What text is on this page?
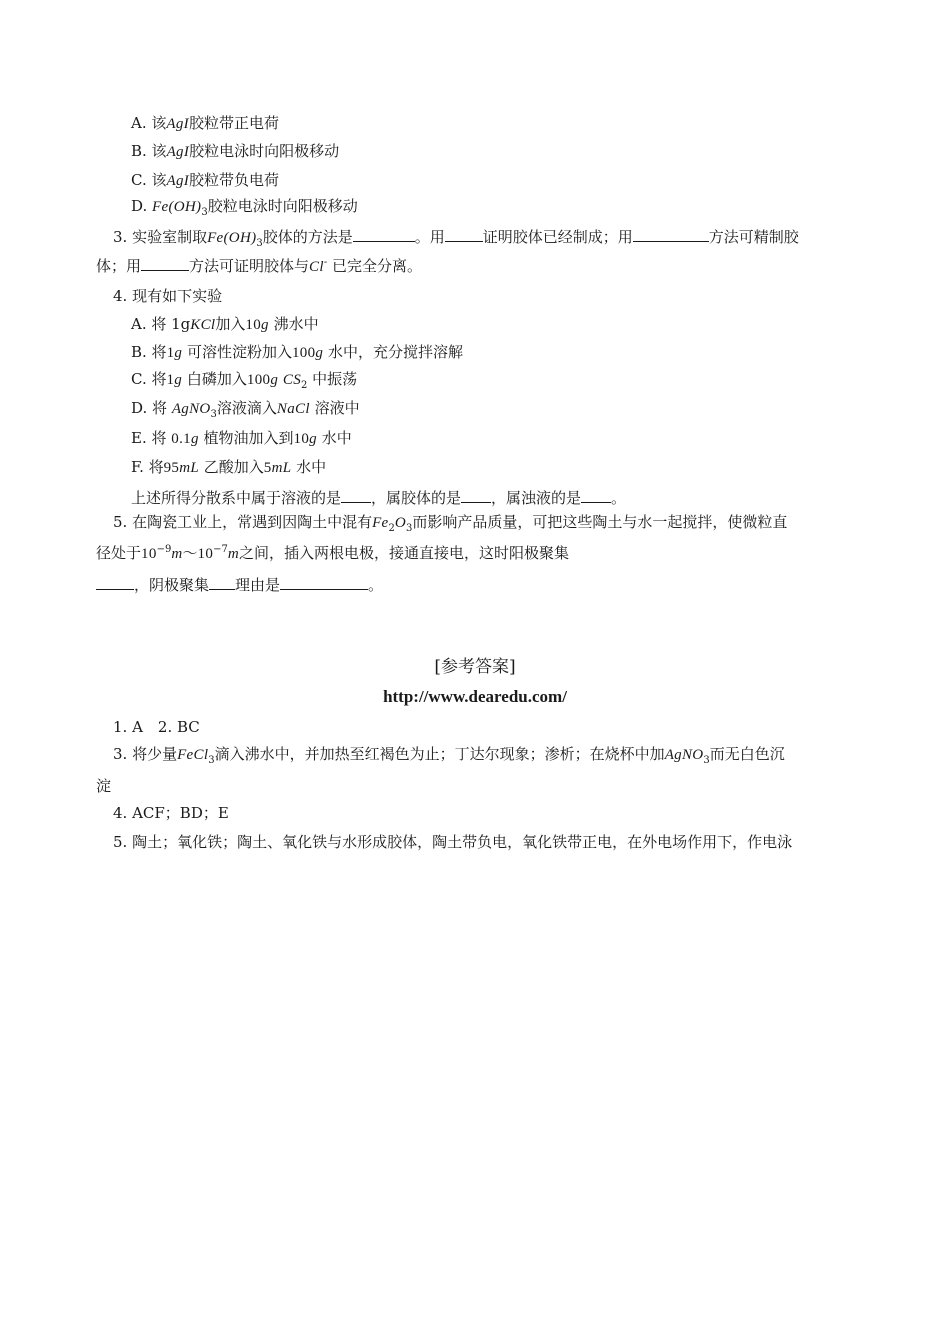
A. 该AgI胶粒带正电荷
B. 该AgI胶粒电泳时向阳极移动
C. 该AgI胶粒带负电荷
D. $Fe(OH)_3$胶粒电泳时向阳极移动
3. 实验室制取$Fe(OH)_3$胶体的方法是	。用	证明胶体已经制成；用	方法可精制胶
体；用	方法可证明胶体与Cl- 已完全分离。
4. 现有如下实验
A. 将 1gKCl加入10g 沸水中
B. 将1g 可溶性淀粉加入100g 水中，充分搅拌溶解
C. 将1g 白磷加入100g $CS_2$ 中振荡
D. 将 AgNO$_3$溶液滴入NaCl 溶液中
E. 将 0.1g 植物油加入到10g 水中
F. 将95mL 乙酸加入5mL 水中
上述所得分散系中属于溶液的是 ，属胶体的是 ，属浊液的是 。
5. 在陶瓷工业上，常遇到因陶土中混有$Fe_2O_3$而影响产品质量，可把这些陶土与水一起搅拌，使微粒直
径处于$10^{-9}m\sim 10^{-7}m$之间，插入两根电极，接通直接电，这时阳极聚集
，阴极聚集 理由是	。
[参考答案]
http://www.dearedu.com/
1. A　2. BC
3. 将少量FeCl$_3$滴入沸水中，并加热至红褐色为止；丁达尔现象；渗析；在烧杯中加AgNO$_3$而无白色沉
淀
4. ACF；BD；E
5. 陶土；氧化铁；陶土、氧化铁与水形成胶体，陶土带负电，氧化铁带正电，在外电场作用下，作电泳
